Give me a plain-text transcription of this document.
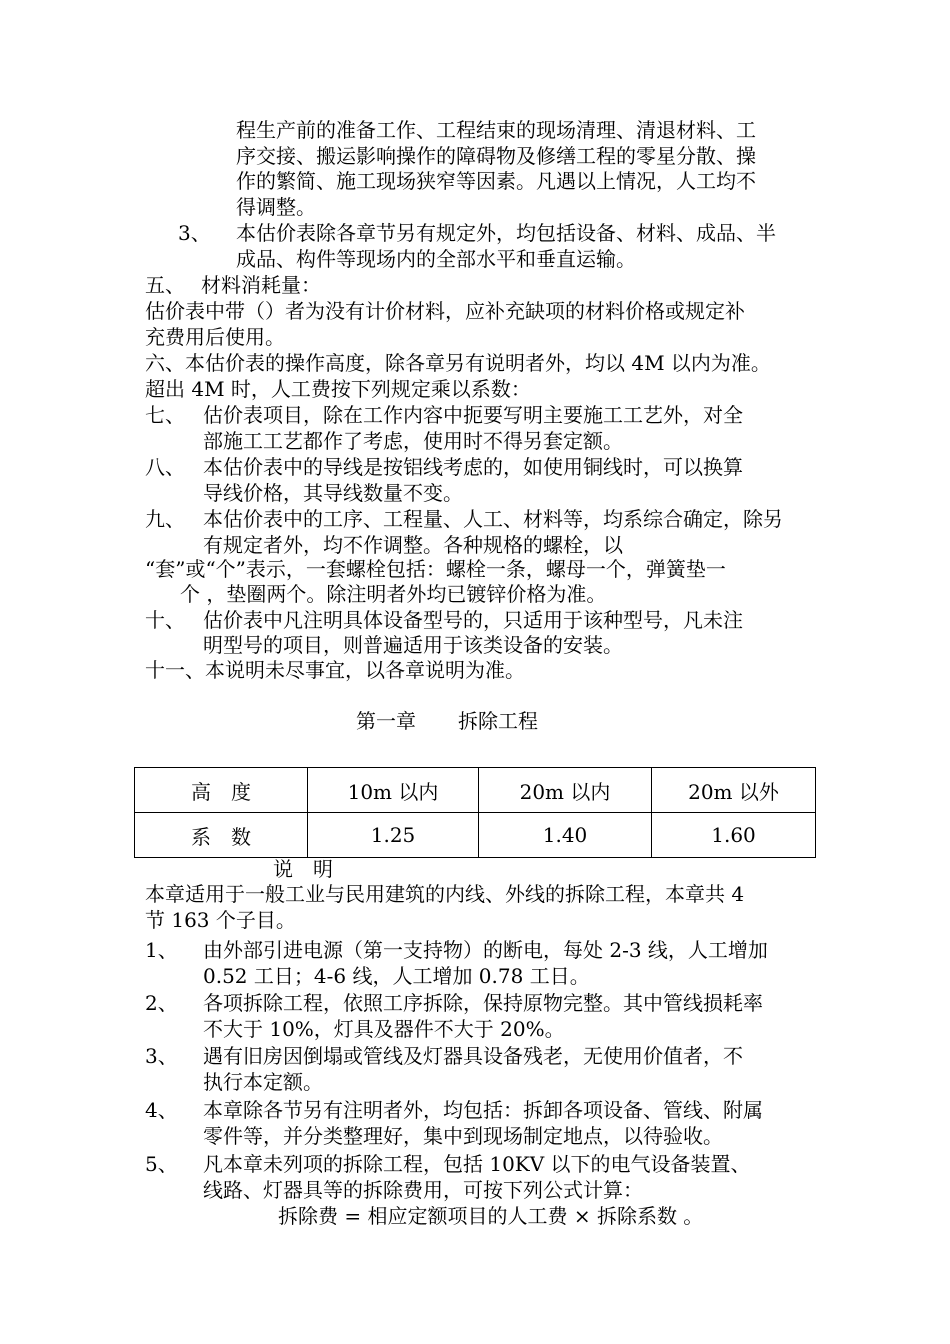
程生产前的准备工作、工程结束的现场清理、清退材料、工
序交接、搬运影响操作的障碍物及修缮工程的零星分散、操
作的繁简、施工现场狭窄等因素。凡遇以上情况，人工均不
得调整。
3、 本估价表除各章节另有规定外，均包括设备、材料、成品、半
成品、构件等现场内的全部水平和垂直运输。
五、 材料消耗量：
估价表中带（）者为没有计价材料，应补充缺项的材料价格或规定补
充费用后使用。
六、本估价表的操作高度，除各章另有说明者外，均以 4M 以内为准。
超出 4M 时，人工费按下列规定乘以系数：
七、 估价表项目，除在工作内容中扼要写明主要施工工艺外，对全
部施工工艺都作了考虑，使用时不得另套定额。
八、 本估价表中的导线是按铝线考虑的，如使用铜线时，可以换算
导线价格，其导线数量不变。
九、 本估价表中的工序、工程量、人工、材料等，均系综合确定，除另
有规定者外，均不作调整。各种规格的螺栓，以
“套”或“个”表示，一套螺栓包括：螺栓一条，螺母一个，弹簧垫一
个 ，垫圈两个。除注明者外均已镀锌价格为准。
十、 估价表中凡注明具体设备型号的，只适用于该种型号，凡未注
明型号的项目，则普遍适用于该类设备的安装。
十一、本说明未尽事宜，以各章说明为准。
第一章 拆除工程
高　度	10m 以内	20m 以内	20m 以外
系　数	1.25	1.40	1.60
说　明
本章适用于一般工业与民用建筑的内线、外线的拆除工程，本章共 4
节 163 个子目。
1、 由外部引进电源（第一支持物）的断电，每处 2-3 线，人工增加
0.52 工日；4-6 线，人工增加 0.78 工日。
2、 各项拆除工程，依照工序拆除，保持原物完整。其中管线损耗率
不大于 10%，灯具及器件不大于 20%。
3、 遇有旧房因倒塌或管线及灯器具设备残老，无使用价值者，不
执行本定额。
4、 本章除各节另有注明者外，均包括：拆卸各项设备、管线、附属
零件等，并分类整理好，集中到现场制定地点，以待验收。
5、 凡本章未列项的拆除工程，包括 10KV 以下的电气设备装置、
线路、灯器具等的拆除费用，可按下列公式计算：
拆除费 = 相应定额项目的人工费 × 拆除系数 。
